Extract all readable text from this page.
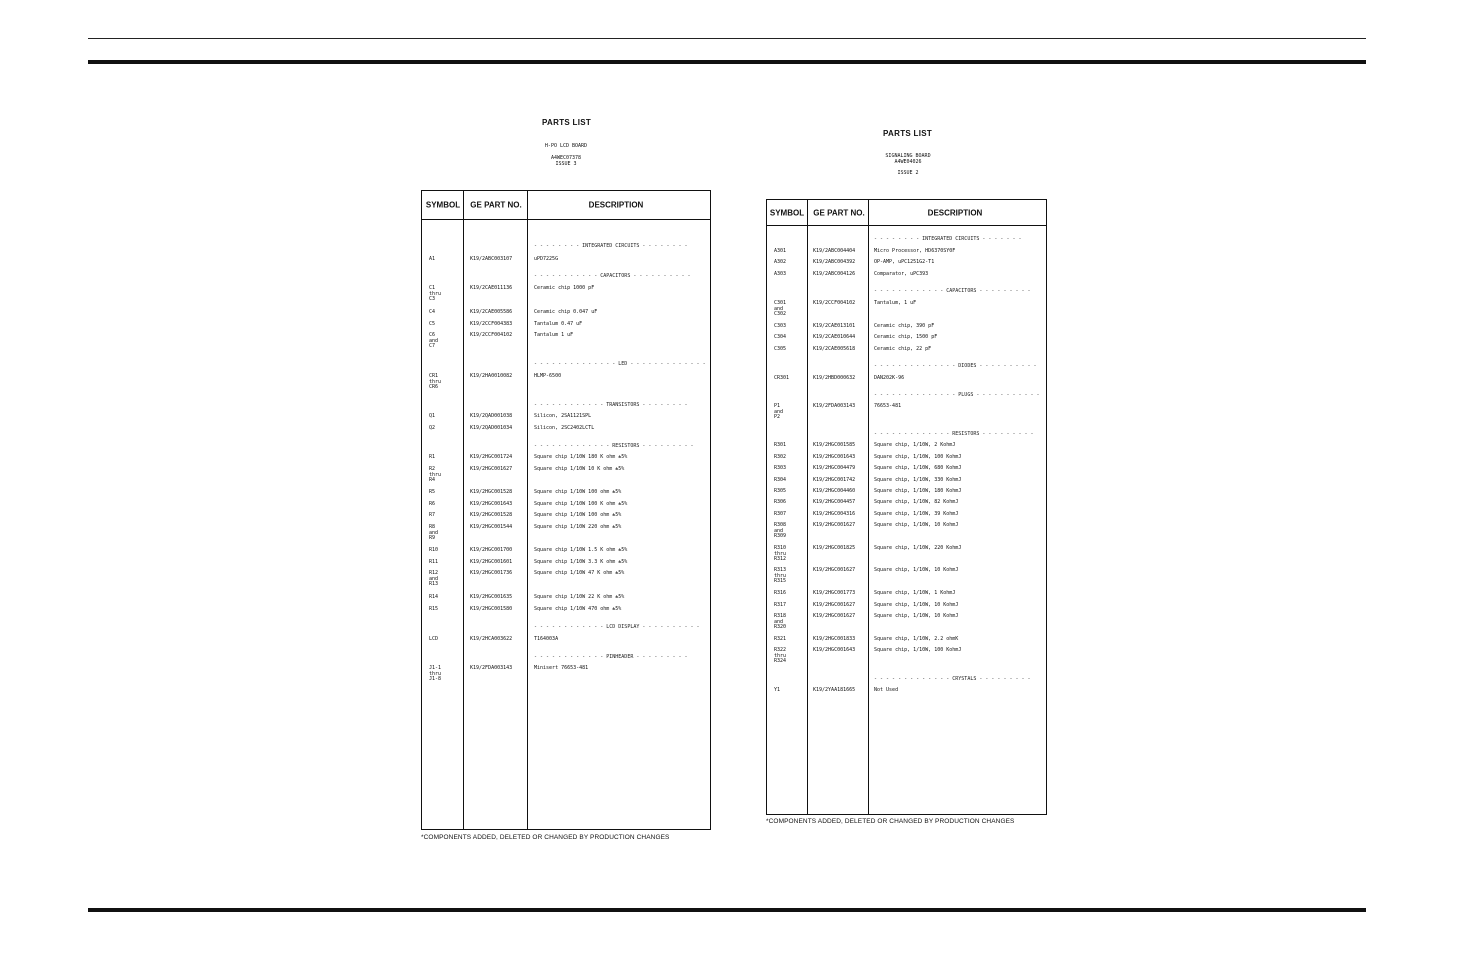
PARTS LIST
H-PO LCD BOARD
A4WEC07378
ISSUE 3
SYMBOL GE PART NO.	DESCRIPTION
- - - - - - - - INTEGRATED CIRCUITS - - - - - - - -
A1	K19/2ABC003107	uPD7225G
- - - - - - - - - - - CAPACITORS - - - - - - - - - -
C1
thru
C3
K19/2CAE011136	Ceramic chip 1000 pF
C4	K19/2CAE005586	Ceramic chip 0.047 uF
C5	K19/2CCF004383	Tantalum 0.47 uF
C6
and
C7
K19/2CCF004102	Tantalum 1 uF
- - - - - - - - - - - - - - LED - - - - - - - - - - - - -
CR1
thru
CR6
K19/2HA0010082	HLMP-6500
- - - - - - - - - - - - TRANSISTORS - - - - - - - -
Q1	K19/2QAD001038	Silicon, 2SA1121SPL
Q2	K19/2QAD001034	Silicon, 2SC2402LCTL
- - - - - - - - - - - - - RESISTORS - - - - - - - - -
R1	K19/2HGC001724	Square chip 1/10W 180 K ohm ±5%
R2
thru
R4
K19/2HGC001627	Square chip 1/10W 10 K ohm ±5%
R5	K19/2HGC001528	Square chip 1/10W 100 ohm ±5%
R6	K19/2HGC001643	Square chip 1/10W 100 K ohm ±5%
R7	K19/2HGC001528	Square chip 1/10W 100 ohm ±5%
R8
and
R9
K19/2HGC001544	Square chip 1/10W 220 ohm ±5%
R10	K19/2HGC001700	Square chip 1/10W 1.5 K ohm ±5%
R11	K19/2HGC001601	Square chip 1/10W 3.3 K ohm ±5%
R12
and
R13
K19/2HGC001736	Square chip 1/10W 47 K ohm ±5%
R14	K19/2HGC001635	Square chip 1/10W 22 K ohm ±5%
R15	K19/2HGC001580	Square chip 1/10W 470 ohm ±5%
- - - - - - - - - - - - LCD DISPLAY - - - - - - - - - -
LCD	K19/2HCA003622	T164003A
- - - - - - - - - - - - PINHEADER - - - - - - - - -
J1-1
thru
J1-8
K19/2FDA003143	Minisert 76653-481
*COMPONENTS ADDED, DELETED OR CHANGED BY PRODUCTION CHANGES
PARTS LIST
SIGNALING BOARD
A4WE04026
ISSUE 2
SYMBOL GE PART NO.	DESCRIPTION
- - - - - - - - INTEGRATED CIRCUITS - - - - - - -
A301	K19/2ABC004404	Micro Processor, HD6370SY0F
A302	K19/2ABC004392	OP-AMP, uPC1251G2-T1
A303	K19/2ABC004126	Comparator, uPC393
- - - - - - - - - - - - CAPACITORS - - - - - - - - -
C301
and
C302
K19/2CCF004102	Tantalum, 1 uF
C303	K19/2CAE013101	Ceramic chip, 390 pF
C304	K19/2CAE010644	Ceramic chip, 1500 pF
C305	K19/2CAE005618	Ceramic chip, 22 pF
- - - - - - - - - - - - - - DIODES - - - - - - - - - -
CR301	K19/2HBD000632	DAN202K-96
- - - - - - - - - - - - - - PLUGS - - - - - - - - - - -
P1
and
P2
K19/2FDA003143	76653-481
- - - - - - - - - - - - - RESISTORS - - - - - - - - -
R301	K19/2HGC001585	Square chip, 1/10W, 2 KohmJ
R302	K19/2HGC001643	Square chip, 1/10W, 100 KohmJ
R303	K19/2HGC004479	Square chip, 1/10W, 680 KohmJ
R304	K19/2HGC001742	Square chip, 1/10W, 330 KohmJ
R305	K19/2HGC004460	Square chip, 1/10W, 180 KohmJ
R306	K19/2HGC004457	Square chip, 1/10W, 82 KohmJ
R307	K19/2HGC004316	Square chip, 1/10W, 39 KohmJ
R308
and
R309
K19/2HGC001627	Square chip, 1/10W, 10 KohmJ
R310
thru
R312
K19/2HGC001825	Square chip, 1/10W, 220 KohmJ
R313
thru
R315
K19/2HGC001627	Square chip, 1/10W, 10 KohmJ
R316	K19/2HGC001773	Square chip, 1/10W, 1 KohmJ
R317	K19/2HGC001627	Square chip, 1/10W, 10 KohmJ
R318
and
R320
K19/2HGC001627	Square chip, 1/10W, 10 KohmJ
R321	K19/2HGC001833	Square chip, 1/10W, 2.2 ohmK
R322
thru
R324
K19/2HGC001643	Square chip, 1/10W, 100 KohmJ
- - - - - - - - - - - - - CRYSTALS - - - - - - - - -
Y1	K19/2YAA181665	Not Used
*COMPONENTS ADDED, DELETED OR CHANGED BY PRODUCTION CHANGES
